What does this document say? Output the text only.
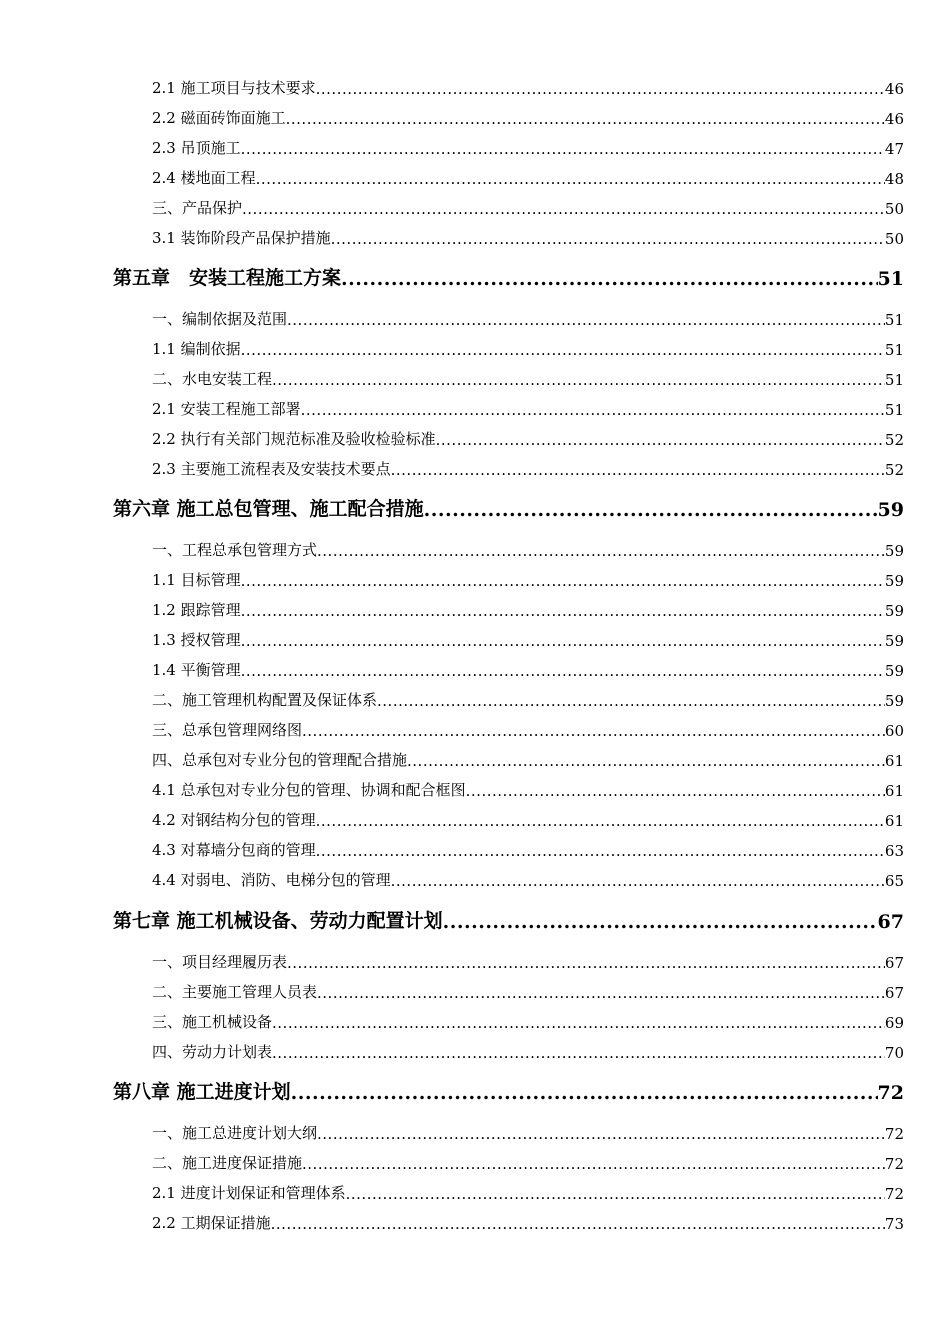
2.1 施工项目与技术要求 .....	46
2.2 磁面砖饰面施工 .....	46
2.3 吊顶施工 .....	47
2.4 楼地面工程 .....	48
三、产品保护 .....	50
3.1 装饰阶段产品保护措施 .....	50
第五章　安装工程施工方案 .....	51
一、编制依据及范围 .....	51
1.1 编制依据 .....	51
二、水电安装工程 .....	51
2.1 安装工程施工部署 .....	51
2.2 执行有关部门规范标准及验收检验标准 .....	52
2.3 主要施工流程表及安装技术要点 .....	52
第六章 施工总包管理、施工配合措施 .....	59
一、工程总承包管理方式 .....	59
1.1 目标管理 .....	59
1.2 跟踪管理 .....	59
1.3 授权管理 .....	59
1.4 平衡管理 .....	59
二、施工管理机构配置及保证体系 .....	59
三、总承包管理网络图 .....	60
四、总承包对专业分包的管理配合措施 .....	61
4.1 总承包对专业分包的管理、协调和配合框图 .....	61
4.2 对钢结构分包的管理 .....	61
4.3 对幕墙分包商的管理 .....	63
4.4 对弱电、消防、电梯分包的管理 .....	65
第七章 施工机械设备、劳动力配置计划 .....	67
一、项目经理履历表 .....	67
二、主要施工管理人员表 .....	67
三、施工机械设备 .....	69
四、劳动力计划表 .....	70
第八章 施工进度计划 .....	72
一、施工总进度计划大纲 .....	72
二、施工进度保证措施 .....	72
2.1 进度计划保证和管理体系 .....	72
2.2 工期保证措施 .....	73
